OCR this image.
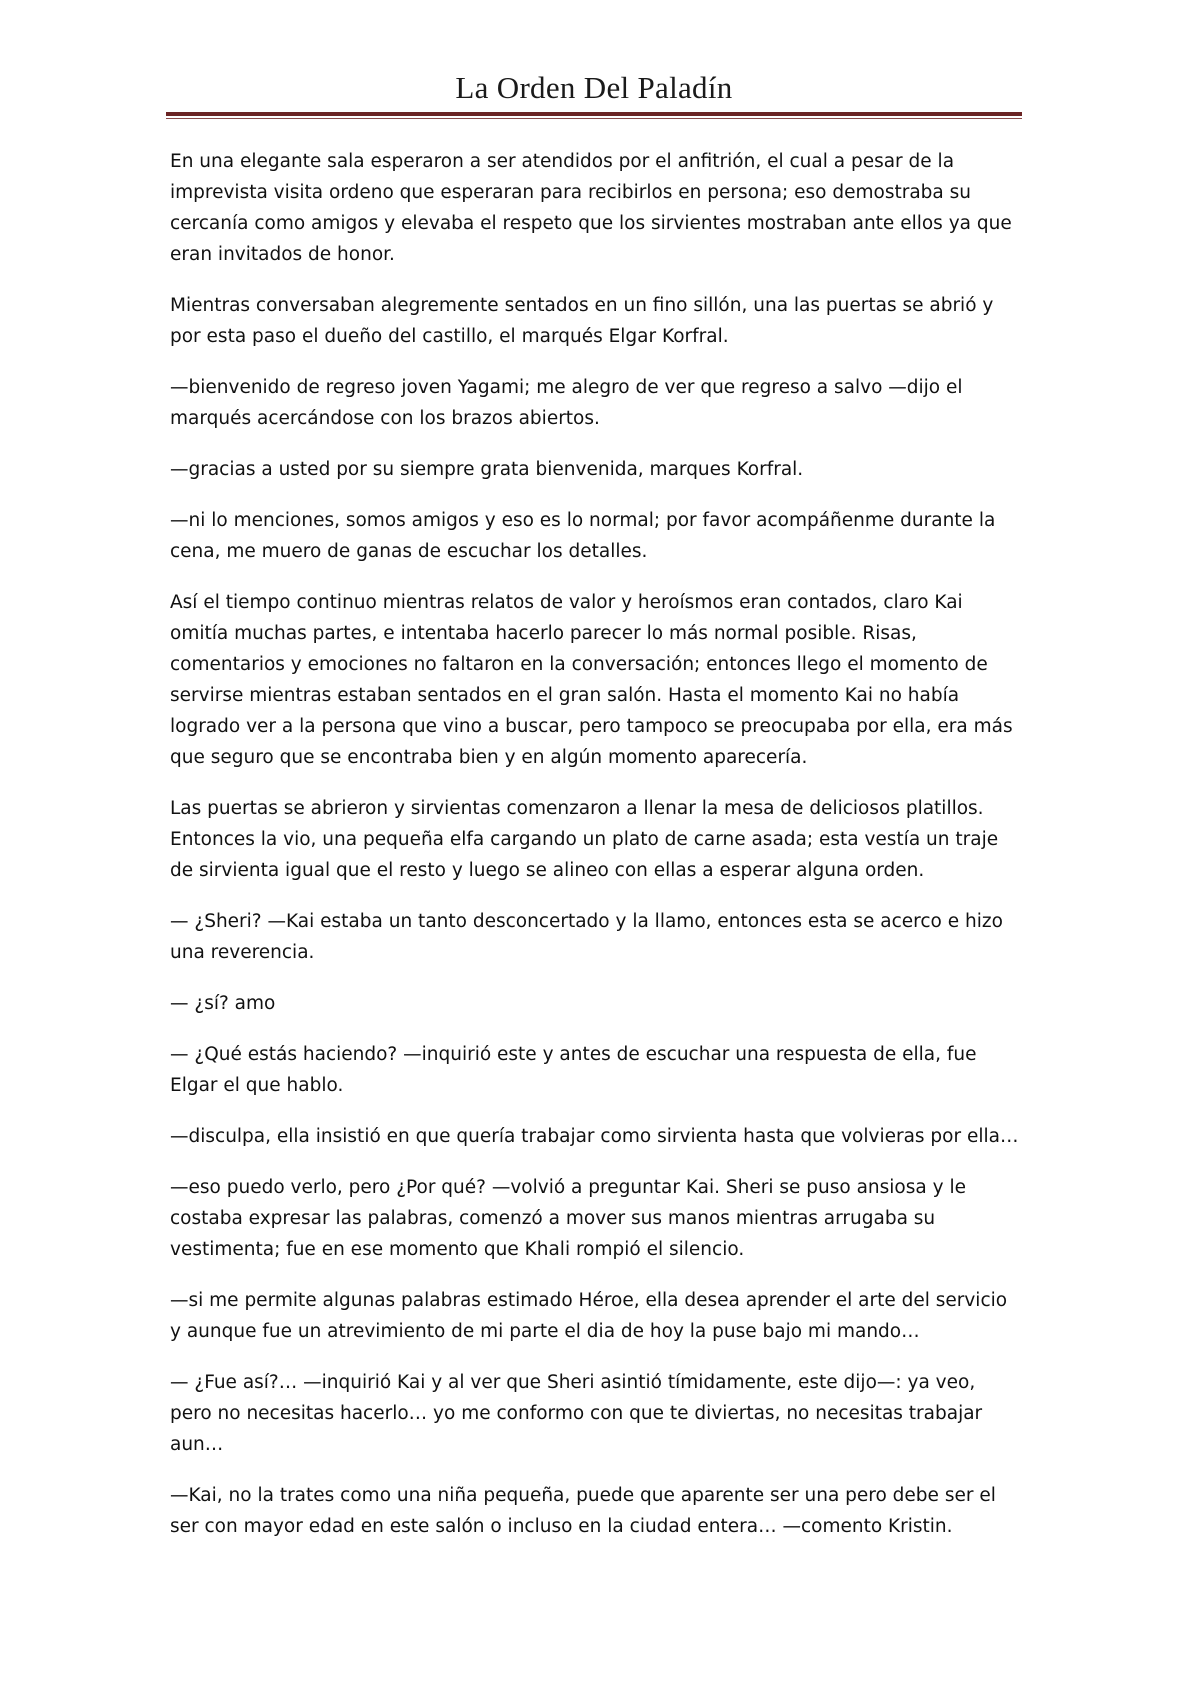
La Orden Del Paladín

En una elegante sala esperaron a ser atendidos por el anfitrión, el cual a pesar de la imprevista visita ordeno que esperaran para recibirlos en persona; eso demostraba su cercanía como amigos y elevaba el respeto que los sirvientes mostraban ante ellos ya que eran invitados de honor.

Mientras conversaban alegremente sentados en un fino sillón, una las puertas se abrió y por esta paso el dueño del castillo, el marqués Elgar Korfral.

—bienvenido de regreso joven Yagami; me alegro de ver que regreso a salvo —dijo el marqués acercándose con los brazos abiertos.

—gracias a usted por su siempre grata bienvenida, marques Korfral.

—ni lo menciones, somos amigos y eso es lo normal; por favor acompáñenme durante la cena, me muero de ganas de escuchar los detalles.

Así el tiempo continuo mientras relatos de valor y heroísmos eran contados, claro Kai omitía muchas partes, e intentaba hacerlo parecer lo más normal posible. Risas, comentarios y emociones no faltaron en la conversación; entonces llego el momento de servirse mientras estaban sentados en el gran salón. Hasta el momento Kai no había logrado ver a la persona que vino a buscar, pero tampoco se preocupaba por ella, era más que seguro que se encontraba bien y en algún momento aparecería.

Las puertas se abrieron y sirvientas comenzaron a llenar la mesa de deliciosos platillos. Entonces la vio, una pequeña elfa cargando un plato de carne asada; esta vestía un traje de sirvienta igual que el resto y luego se alineo con ellas a esperar alguna orden.

— ¿Sheri? —Kai estaba un tanto desconcertado y la llamo, entonces esta se acerco e hizo una reverencia.

— ¿sí? amo

— ¿Qué estás haciendo? —inquirió este y antes de escuchar una respuesta de ella, fue Elgar el que hablo.

—disculpa, ella insistió en que quería trabajar como sirvienta hasta que volvieras por ella…

—eso puedo verlo, pero ¿Por qué? —volvió a preguntar Kai. Sheri se puso ansiosa y le costaba expresar las palabras, comenzó a mover sus manos mientras arrugaba su vestimenta; fue en ese momento que Khali rompió el silencio.

—si me permite algunas palabras estimado Héroe, ella desea aprender el arte del servicio y aunque fue un atrevimiento de mi parte el dia de hoy la puse bajo mi mando…

— ¿Fue así?… —inquirió Kai y al ver que Sheri asintió tímidamente, este dijo—: ya veo, pero no necesitas hacerlo… yo me conformo con que te diviertas, no necesitas trabajar aun…

—Kai, no la trates como una niña pequeña, puede que aparente ser una pero debe ser el ser con mayor edad en este salón o incluso en la ciudad entera… —comento Kristin.
